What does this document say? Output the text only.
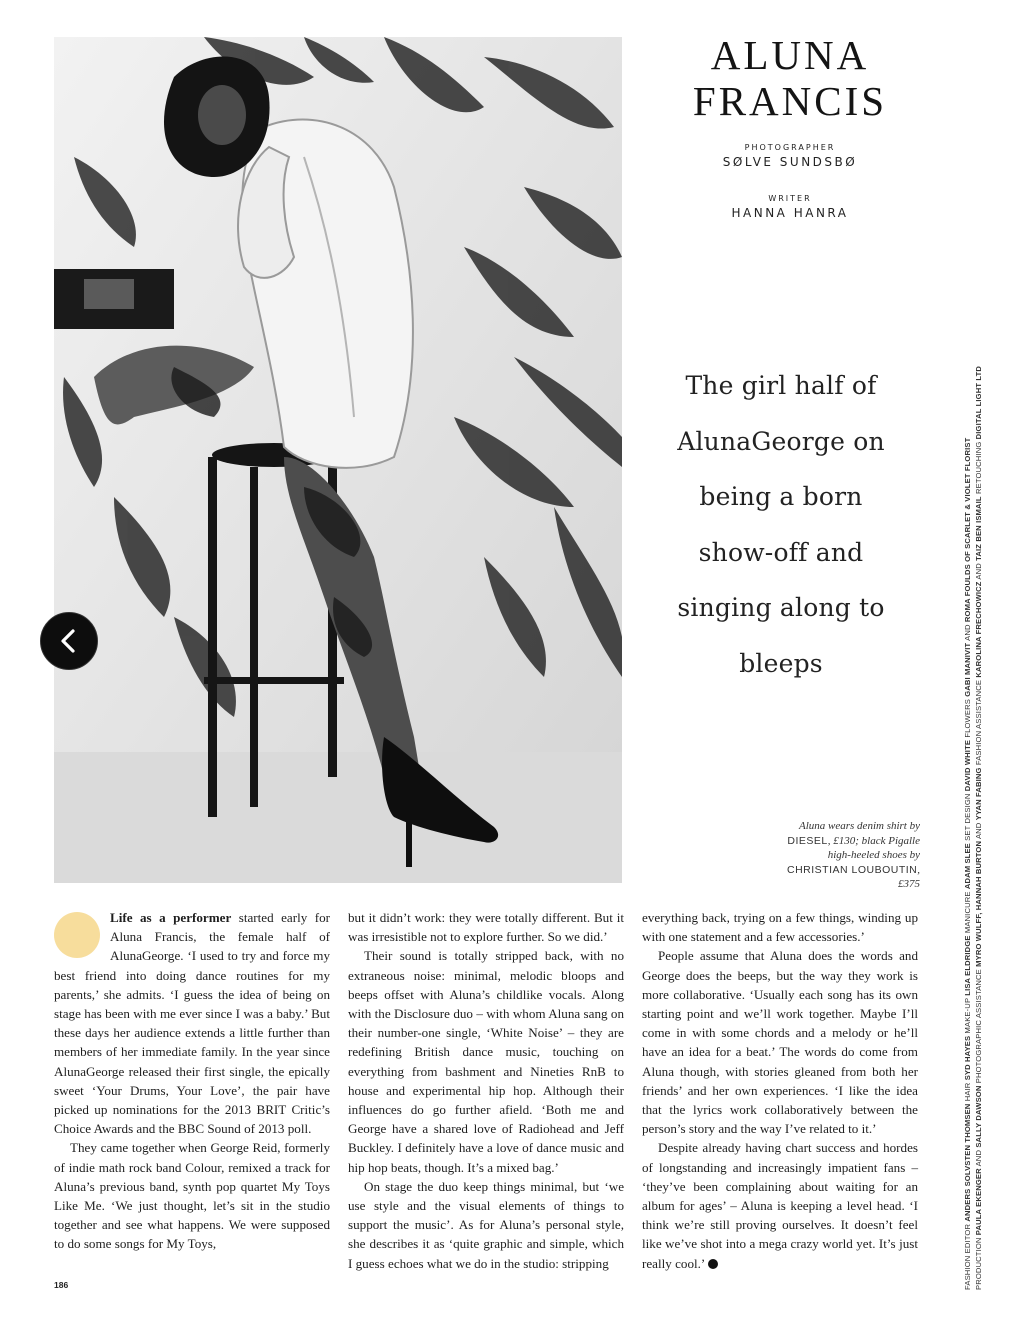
ALUNA
FRANCIS
PHOTOGRAPHER
SØLVE SUNDSBØ
WRITER
HANNA HANRA
The girl half of AlunaGeorge on being a born show-off and singing along to bleeps
Aluna wears denim shirt by DIESEL, £130; black Pigalle high-heeled shoes by CHRISTIAN LOUBOUTIN, £375

Life as a performer started early for Aluna Francis, the female half of AlunaGeorge. ‘I used to try and force my best friend into doing dance routines for my parents,’ she admits. ‘I guess the idea of being on stage has been with me ever since I was a baby.’ But these days her audience extends a little further than members of her immediate family. In the year since AlunaGeorge released their first single, the epically sweet ‘Your Drums, Your Love’, the pair have picked up nominations for the 2013 BRIT Critic’s Choice Awards and the BBC Sound of 2013 poll.

They came together when George Reid, formerly of indie math rock band Colour, remixed a track for Aluna’s previous band, synth pop quartet My Toys Like Me. ‘We just thought, let’s sit in the studio together and see what happens. We were supposed to do some songs for My Toys,

but it didn’t work: they were totally different. But it was irresistible not to explore further. So we did.’

Their sound is totally stripped back, with no extraneous noise: minimal, melodic bloops and beeps offset with Aluna’s childlike vocals. Along with the Disclosure duo – with whom Aluna sang on their number-one single, ‘White Noise’ – they are redefining British dance music, touching on everything from bashment and Nineties RnB to house and experimental hip hop. Although their influences do go further afield. ‘Both me and George have a shared love of Radiohead and Jeff Buckley. I definitely have a love of dance music and hip hop beats, though. It’s a mixed bag.’

On stage the duo keep things minimal, but ‘we use style and the visual elements of things to support the music’. As for Aluna’s personal style, she describes it as ‘quite graphic and simple, which I guess echoes what we do in the studio: stripping

everything back, trying on a few things, winding up with one statement and a few accessories.’

People assume that Aluna does the words and George does the beeps, but the way they work is more collaborative. ‘Usually each song has its own starting point and we’ll work together. Maybe I’ll come in with some chords and a melody or he’ll have an idea for a beat.’ The words do come from Aluna though, with stories gleaned from both her friends’ and her own experiences. ‘I like the idea that the lyrics work collaboratively between the person’s story and the way I’ve related to it.’

Despite already having chart success and hordes of longstanding and increasingly impatient fans – ‘they’ve been complaining about waiting for an album for ages’ – Aluna is keeping a level head. ‘I think we’re still proving ourselves. It doesn’t feel like we’ve shot into a mega crazy world yet. It’s just really cool.’

186	FASHION EDITOR ANDERS SOLVSTEN THOMSEN HAIR SYD HAYES MAKE-UP LISA ELDRIDGE MANICURE ADAM SLEE SET DESIGN DAVID WHITE FLOWERS GABI MANIVIT AND ROMA FOULDS OF SCARLET & VIOLET FLORIST
PRODUCTION PAULA EKENGER AND SALLY DAWSON PHOTOGRAPHIC ASSISTANCE MYRO WULFF, HANNAH BURTON AND YYAN FABING FASHION ASSISTANCE KAROLINA FRECHOWICZ AND TAIZ BEN ISMAIL RETOUCHING DIGITAL LIGHT LTD
